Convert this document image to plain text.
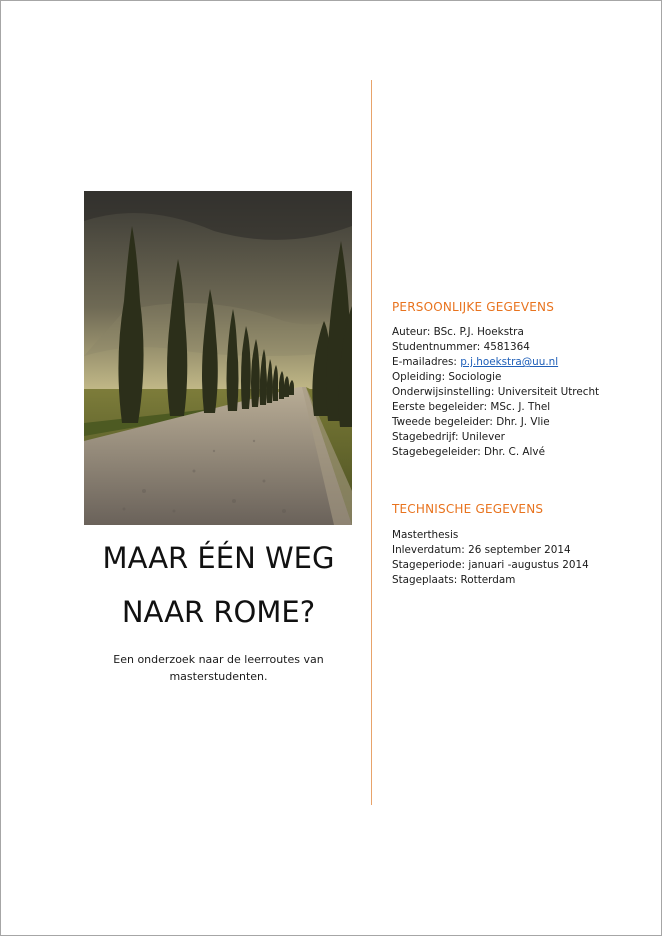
MAAR ÉÉN WEG
NAAR ROME?

Een onderzoek naar de leerroutes van masterstudenten.

PERSOONLIJKE GEGEVENS
Auteur: BSc. P.J. Hoekstra
Studentnummer: 4581364
E-mailadres: p.j.hoekstra@uu.nl
Opleiding: Sociologie
Onderwijsinstelling: Universiteit Utrecht
Eerste begeleider: MSc. J. Thel
Tweede begeleider: Dhr. J. Vlie
Stagebedrijf: Unilever
Stagebegeleider: Dhr. C. Alvé
TECHNISCHE GEGEVENS
Masterthesis
Inleverdatum: 26 september 2014
Stageperiode: januari -augustus 2014
Stageplaats: Rotterdam
